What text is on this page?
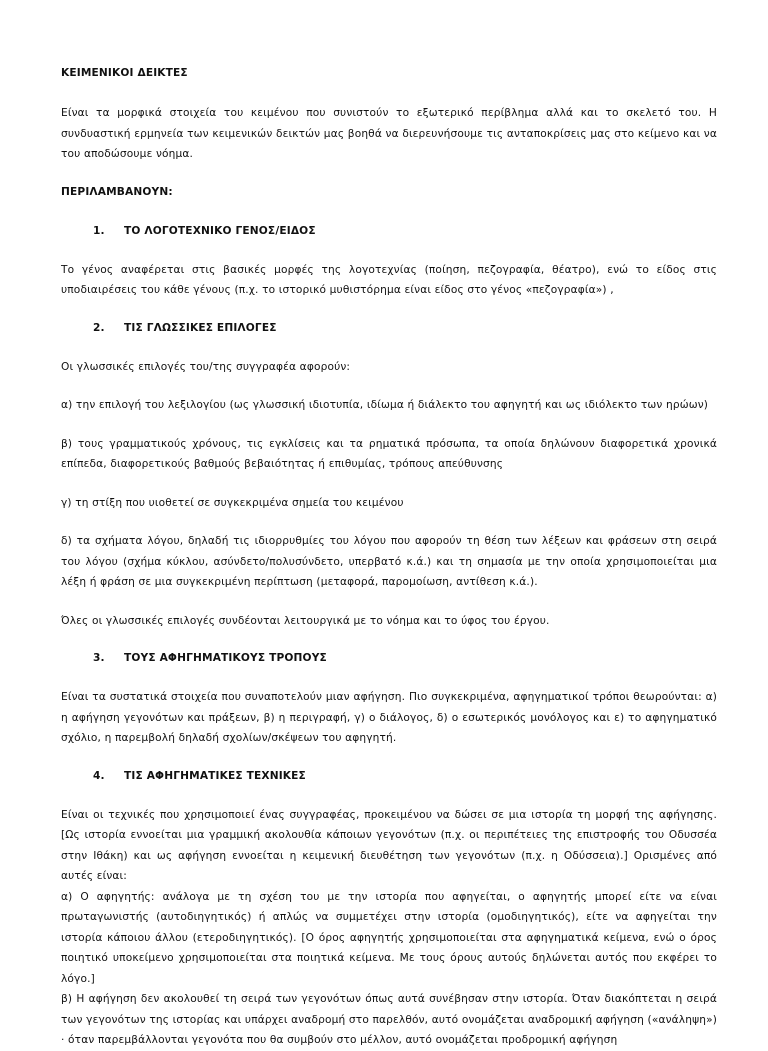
ΚΕΙΜΕΝΙΚΟΙ ΔΕΙΚΤΕΣ

Είναι τα μορφικά στοιχεία του κειμένου που συνιστούν το εξωτερικό περίβλημα αλλά και το σκελετό του. Η συνδυαστική ερμηνεία των κειμενικών δεικτών μας βοηθά να διερευνήσουμε τις ανταποκρίσεις μας στο κείμενο και να του αποδώσουμε νόημα.

ΠΕΡΙΛΑΜΒΑΝΟΥΝ:
1.	ΤΟ ΛΟΓΟΤΕΧΝΙΚΟ ΓΕΝΟΣ/ΕΙΔΟΣ

Το γένος αναφέρεται στις βασικές μορφές της λογοτεχνίας (ποίηση, πεζογραφία, θέατρο), ενώ το είδος στις υποδιαιρέσεις του κάθε γένους (π.χ. το ιστορικό μυθιστόρημα είναι είδος στο γένος «πεζογραφία») ,

2.	ΤΙΣ ΓΛΩΣΣΙΚΕΣ ΕΠΙΛΟΓΕΣ

Οι γλωσσικές επιλογές του/της συγγραφέα αφορούν:

α) την επιλογή του λεξιλογίου (ως γλωσσική ιδιοτυπία, ιδίωμα ή διάλεκτο του αφηγητή και ως ιδιόλεκτο των ηρώων)

β) τους γραμματικούς χρόνους, τις εγκλίσεις και τα ρηματικά πρόσωπα, τα οποία δηλώνουν διαφορετικά χρονικά επίπεδα, διαφορετικούς βαθμούς βεβαιότητας ή επιθυμίας, τρόπους απεύθυνσης

γ) τη στίξη που υιοθετεί σε συγκεκριμένα σημεία του κειμένου

δ) τα σχήματα λόγου, δηλαδή τις ιδιορρυθμίες του λόγου που αφορούν τη θέση των λέξεων και φράσεων στη σειρά του λόγου (σχήμα κύκλου, ασύνδετο/πολυσύνδετο, υπερβατό κ.ά.) και τη σημασία με την οποία χρησιμοποιείται μια λέξη ή φράση σε μια συγκεκριμένη περίπτωση (μεταφορά, παρομοίωση, αντίθεση κ.ά.).

Όλες οι γλωσσικές επιλογές συνδέονται λειτουργικά με το νόημα και το ύφος του έργου.

3.	ΤΟΥΣ ΑΦΗΓΗΜΑΤΙΚΟΥΣ ΤΡΟΠΟΥΣ

Είναι τα συστατικά στοιχεία που συναποτελούν μιαν αφήγηση. Πιο συγκεκριμένα, αφηγηματικοί τρόποι θεωρούνται: α) η αφήγηση γεγονότων και πράξεων, β) η περιγραφή, γ) ο διάλογος, δ) ο εσωτερικός μονόλογος και ε) το αφηγηματικό σχόλιο, η παρεμβολή δηλαδή σχολίων/σκέψεων του αφηγητή.

4.	ΤΙΣ ΑΦΗΓΗΜΑΤΙΚΕΣ ΤΕΧΝΙΚΕΣ

Είναι οι τεχνικές που χρησιμοποιεί ένας συγγραφέας, προκειμένου να δώσει σε μια ιστορία τη μορφή της αφήγησης. [Ως ιστορία εννοείται μια γραμμική ακολουθία κάποιων γεγονότων (π.χ. οι περιπέτειες της επιστροφής του Οδυσσέα στην Ιθάκη) και ως αφήγηση εννοείται η κειμενική διευθέτηση των γεγονότων (π.χ. η Οδύσσεια).] Ορισμένες από αυτές είναι:

α) Ο αφηγητής: ανάλογα με τη σχέση του με την ιστορία που αφηγείται, ο αφηγητής μπορεί είτε να είναι πρωταγωνιστής (αυτοδιηγητικός) ή απλώς να συμμετέχει στην ιστορία (ομοδιηγητικός), είτε να αφηγείται την ιστορία κάποιου άλλου (ετεροδιηγητικός). [Ο όρος αφηγητής χρησιμοποιείται στα αφηγηματικά κείμενα, ενώ ο όρος ποιητικό υποκείμενο χρησιμοποιείται στα ποιητικά κείμενα. Με τους όρους αυτούς δηλώνεται αυτός που εκφέρει το λόγο.]

β) Η αφήγηση δεν ακολουθεί τη σειρά των γεγονότων όπως αυτά συνέβησαν στην ιστορία. Όταν διακόπτεται η σειρά των γεγονότων της ιστορίας και υπάρχει αναδρομή στο παρελθόν, αυτό ονομάζεται αναδρομική αφήγηση («ανάληψη») · όταν παρεμβάλλονται γεγονότα που θα συμβούν στο μέλλον, αυτό ονομάζεται προδρομική αφήγηση
